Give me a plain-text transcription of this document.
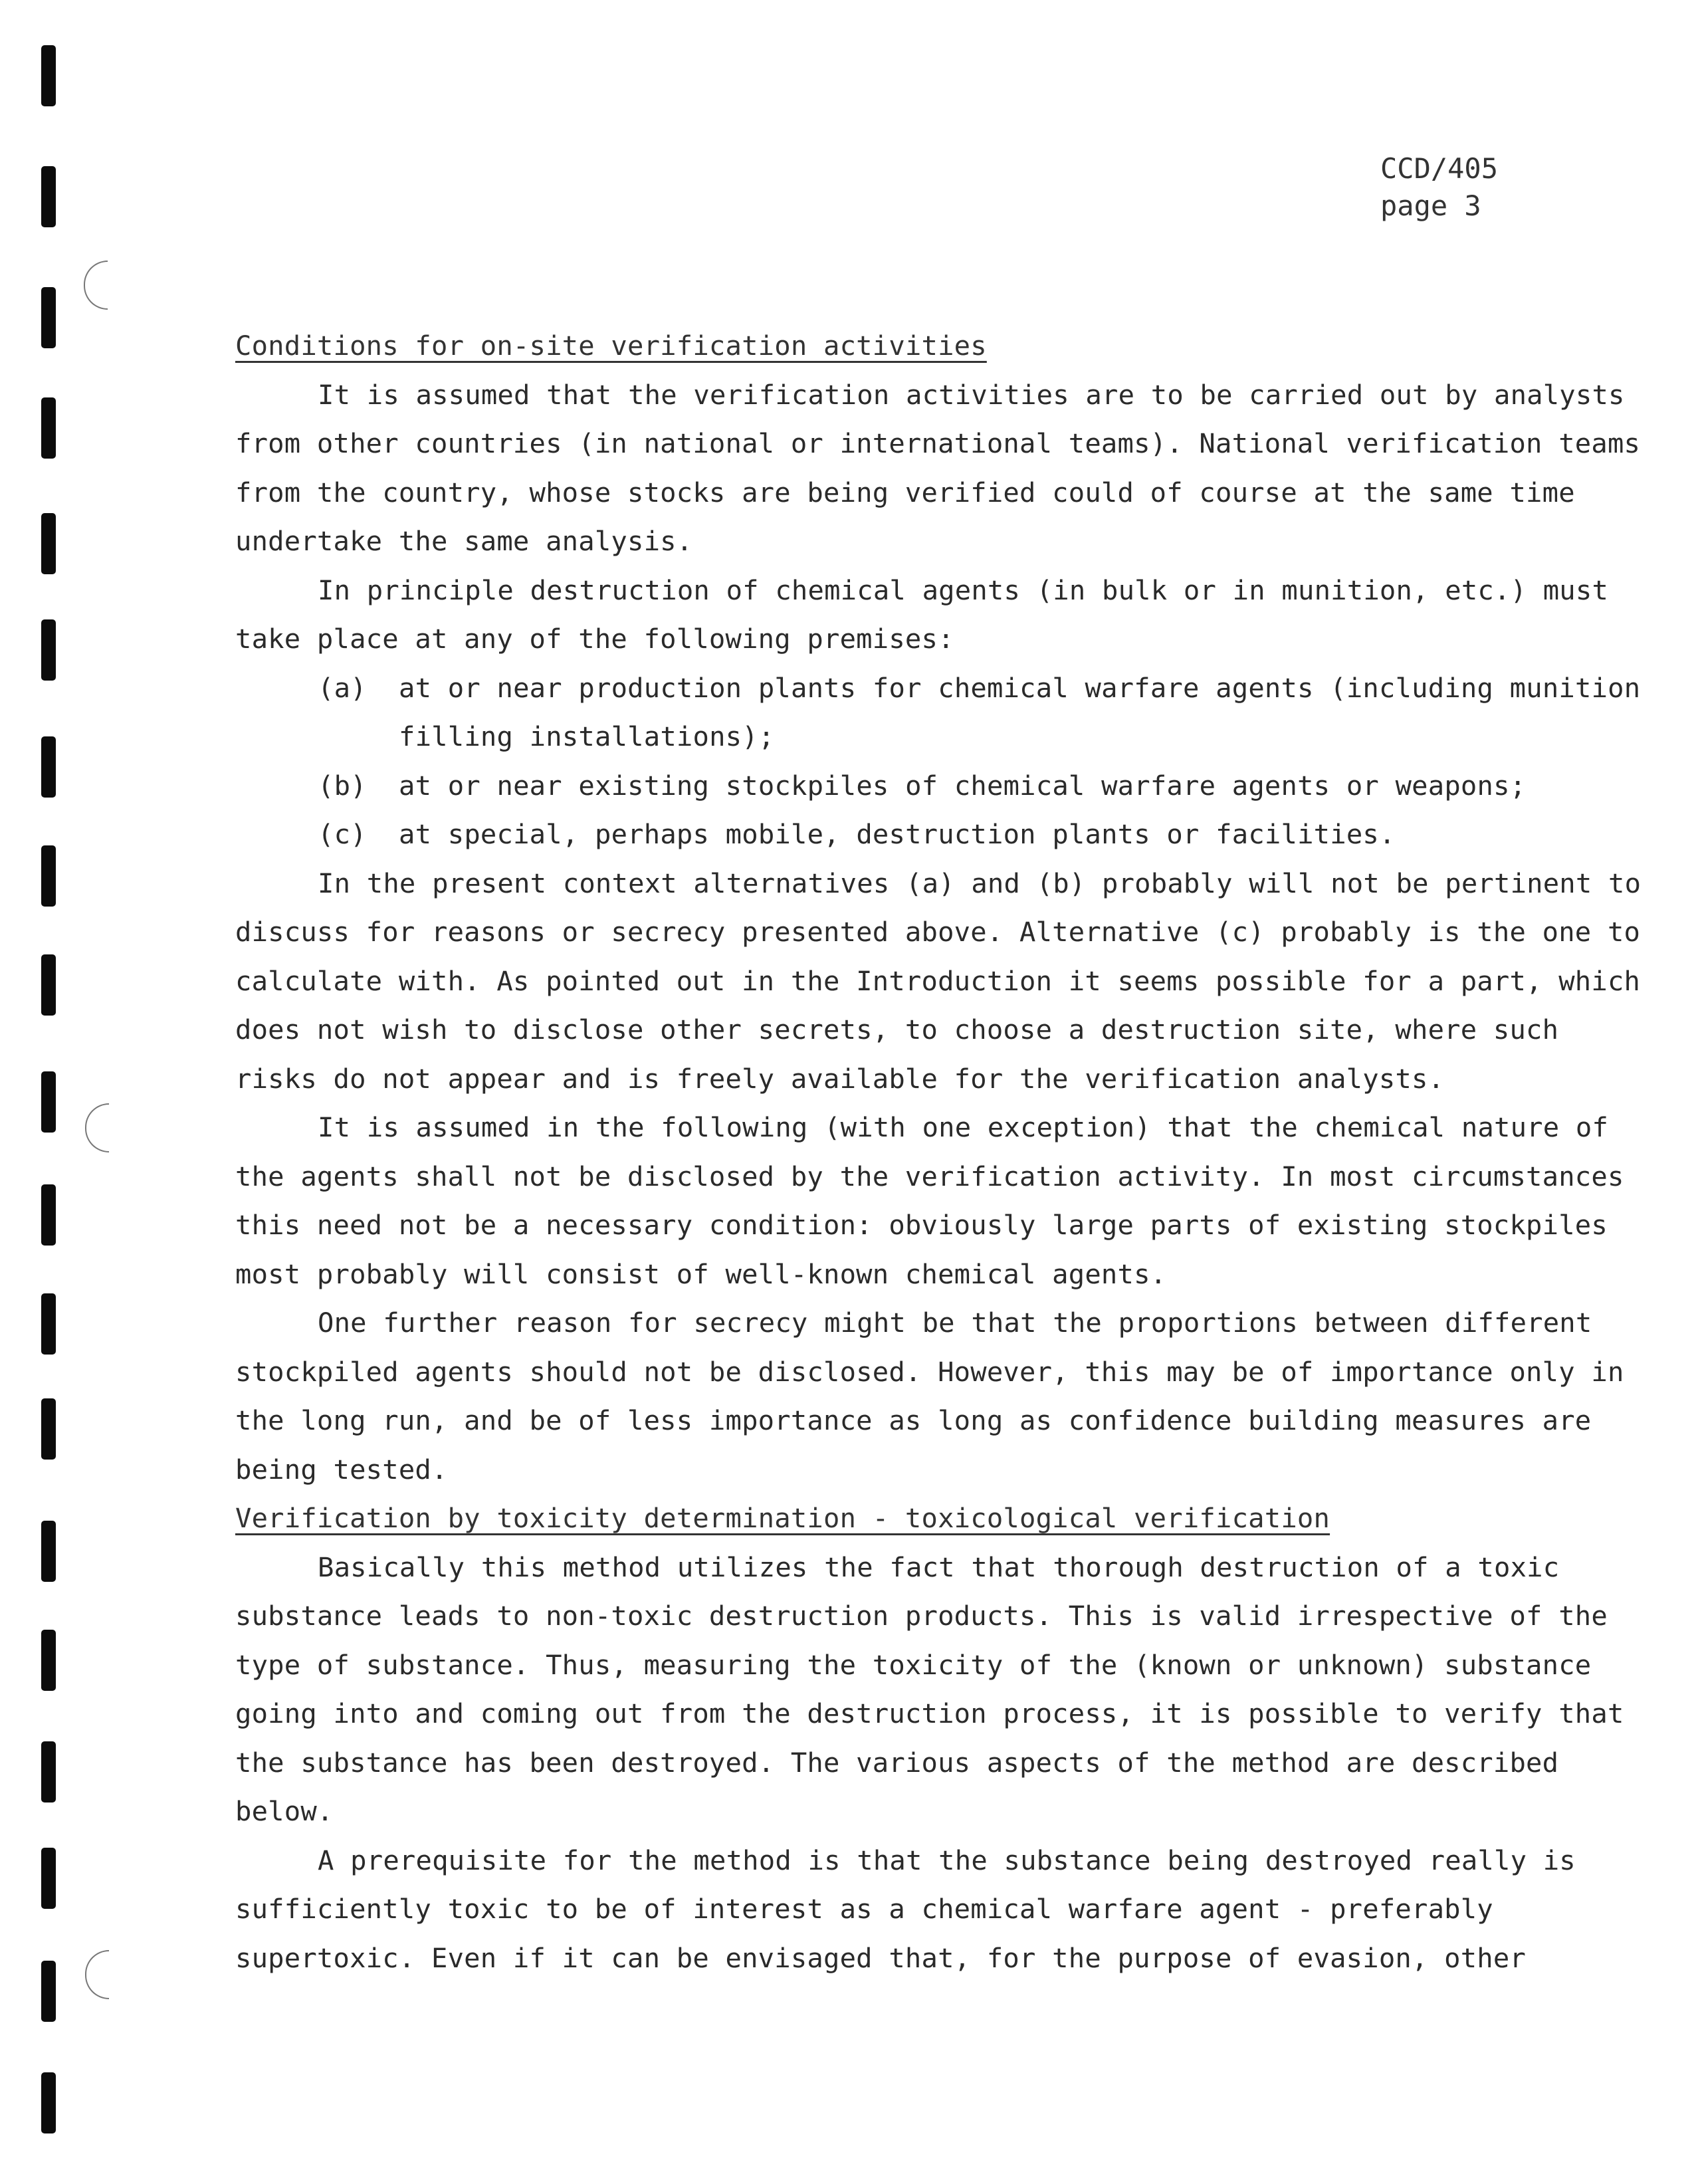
CCD/405
page 3
Conditions for on-site verification activities

It is assumed that the verification activities are to be carried out by analysts from other countries (in national or international teams). National verification teams from the country, whose stocks are being verified could of course at the same time undertake the same analysis.

In principle destruction of chemical agents (in bulk or in munition, etc.) must take place at any of the following premises:

(a) at or near production plants for chemical warfare agents (including munition filling installations);
(b) at or near existing stockpiles of chemical warfare agents or weapons;
(c) at special, perhaps mobile, destruction plants or facilities.

In the present context alternatives (a) and (b) probably will not be pertinent to discuss for reasons or secrecy presented above. Alternative (c) probably is the one to calculate with. As pointed out in the Introduction it seems possible for a part, which does not wish to disclose other secrets, to choose a destruction site, where such risks do not appear and is freely available for the verification analysts.

It is assumed in the following (with one exception) that the chemical nature of the agents shall not be disclosed by the verification activity. In most circumstances this need not be a necessary condition: obviously large parts of existing stockpiles most probably will consist of well-known chemical agents.

One further reason for secrecy might be that the proportions between different stockpiled agents should not be disclosed. However, this may be of importance only in the long run, and be of less importance as long as confidence building measures are being tested.

Verification by toxicity determination - toxicological verification

Basically this method utilizes the fact that thorough destruction of a toxic substance leads to non-toxic destruction products. This is valid irrespective of the type of substance. Thus, measuring the toxicity of the (known or unknown) substance going into and coming out from the destruction process, it is possible to verify that the substance has been destroyed. The various aspects of the method are described below.

A prerequisite for the method is that the substance being destroyed really is sufficiently toxic to be of interest as a chemical warfare agent - preferably supertoxic. Even if it can be envisaged that, for the purpose of evasion, other
